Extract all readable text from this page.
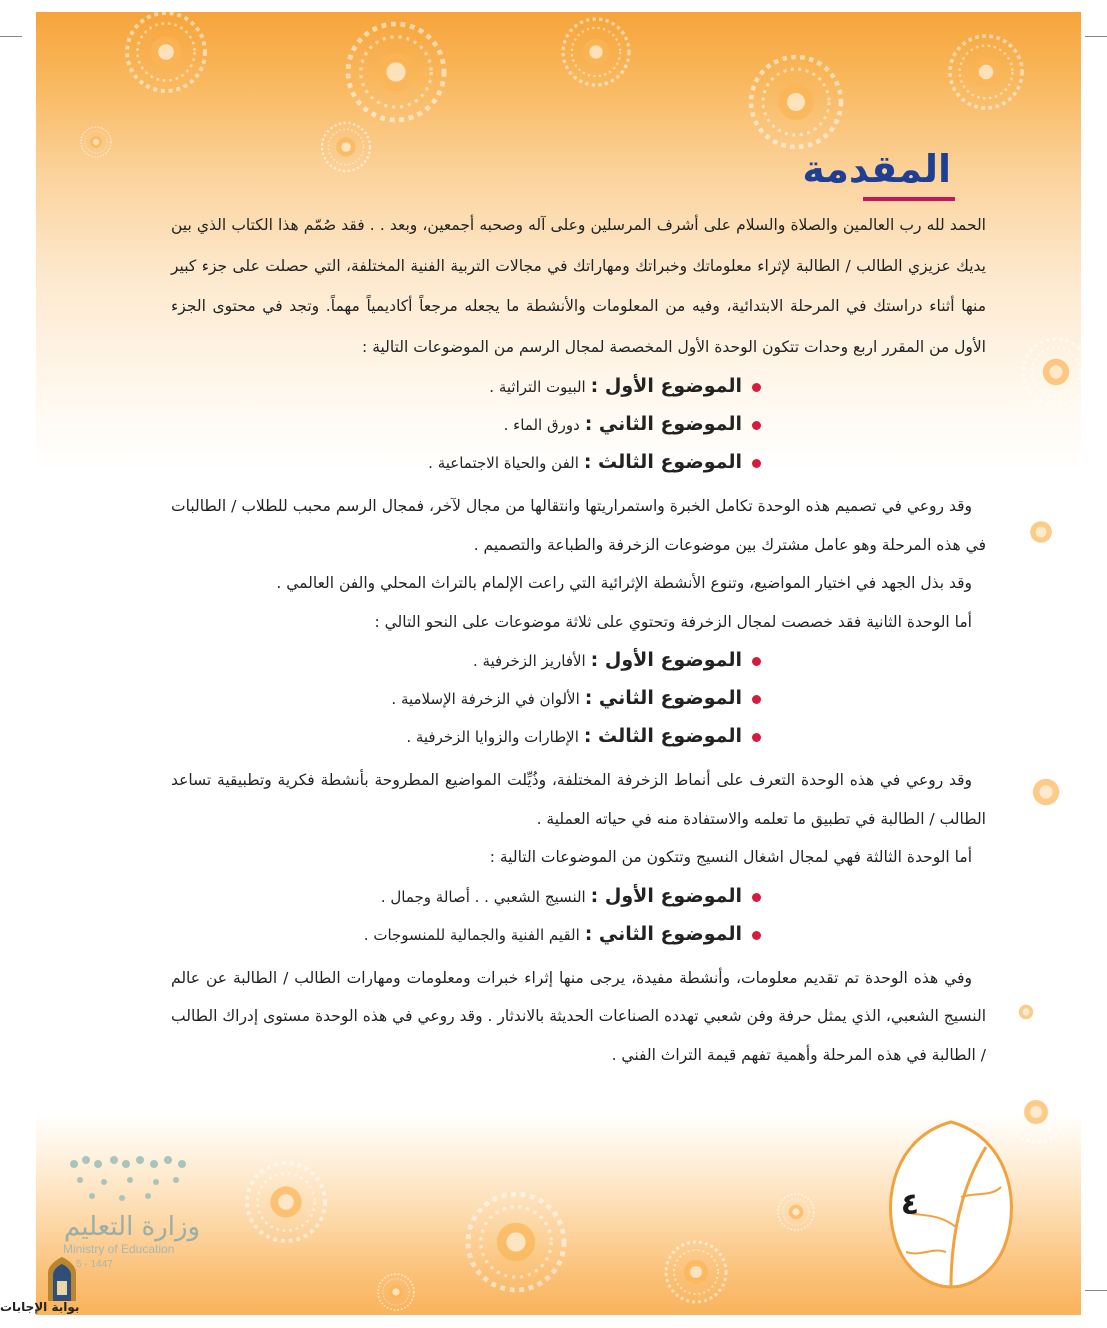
المقدمة

الحمد لله رب العالمين والصلاة والسلام على أشرف المرسلين وعلى آله وصحبه أجمعين، وبعد . . فقد صُمّم هذا الكتاب الذي بين يديك عزيزي الطالب / الطالبة لإثراء معلوماتك وخبراتك ومهاراتك في مجالات التربية الفنية المختلفة، التي حصلت على جزء كبير منها أثناء دراستك في المرحلة الابتدائية، وفيه من المعلومات والأنشطة ما يجعله مرجعاً أكاديمياً مهماً. وتجد في محتوى الجزء الأول من المقرر اربع وحدات تتكون الوحدة الأول المخصصة لمجال الرسم من الموضوعات التالية :

الموضوع الأول : البيوت التراثية .
الموضوع الثاني : دورق الماء .
الموضوع الثالث : الفن والحياة الاجتماعية .

وقد روعي في تصميم هذه الوحدة تكامل الخبرة واستمراريتها وانتقالها من مجال لآخر، فمجال الرسم محبب للطلاب / الطالبات في هذه المرحلة وهو عامل مشترك بين موضوعات الزخرفة والطباعة والتصميم .

وقد بذل الجهد في اختيار المواضيع، وتنوع الأنشطة الإثرائية التي راعت الإلمام بالتراث المحلي والفن العالمي .

أما الوحدة الثانية فقد خصصت لمجال الزخرفة وتحتوي على ثلاثة موضوعات على النحو التالي :

الموضوع الأول : الأفاريز الزخرفية .
الموضوع الثاني : الألوان في الزخرفة الإسلامية .
الموضوع الثالث : الإطارات والزوايا الزخرفية .

وقد روعي في هذه الوحدة التعرف على أنماط الزخرفة المختلفة، وذُيِّلت المواضيع المطروحة بأنشطة فكرية وتطبيقية تساعد الطالب / الطالبة في تطبيق ما تعلمه والاستفادة منه في حياته العملية .

أما الوحدة الثالثة فهي لمجال اشغال النسيج وتتكون من الموضوعات التالية :

الموضوع الأول : النسيج الشعبي . . أصالة وجمال .
الموضوع الثاني : القيم الفنية والجمالية للمنسوجات .

وفي هذه الوحدة تم تقديم معلومات، وأنشطة مفيدة، يرجى منها إثراء خبرات ومعلومات ومهارات الطالب / الطالبة عن عالم النسيج الشعبي، الذي يمثل حرفة وفن شعبي تهدده الصناعات الحديثة بالاندثار . وقد روعي في هذه الوحدة مستوى إدراك الطالب / الطالبة في هذه المرحلة وأهمية تفهم قيمة التراث الفني .

٤
وزارة التعليم
Ministry of Education
5 - 1447
بوابة الإجابات
